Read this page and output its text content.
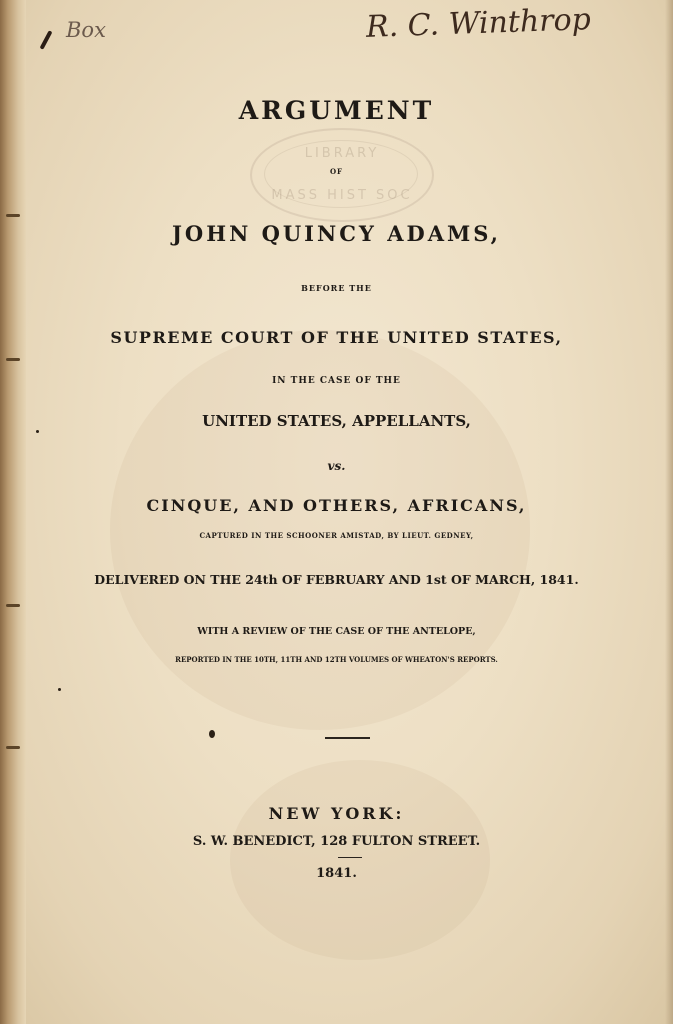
LIBRARY
MASS HIST SOC
Box	R. C. Winthrop
ARGUMENT
OF
JOHN QUINCY ADAMS,
BEFORE THE
SUPREME COURT OF THE UNITED STATES,
IN THE CASE OF THE
UNITED STATES, APPELLANTS,
vs.
CINQUE, AND OTHERS, AFRICANS,
CAPTURED IN THE SCHOONER AMISTAD, BY LIEUT. GEDNEY,
DELIVERED ON THE 24th OF FEBRUARY AND 1st OF MARCH, 1841.
WITH A REVIEW OF THE CASE OF THE ANTELOPE,
REPORTED IN THE 10TH, 11TH AND 12TH VOLUMES OF WHEATON'S REPORTS.
NEW YORK:
S. W. BENEDICT, 128 FULTON STREET.
1841.
